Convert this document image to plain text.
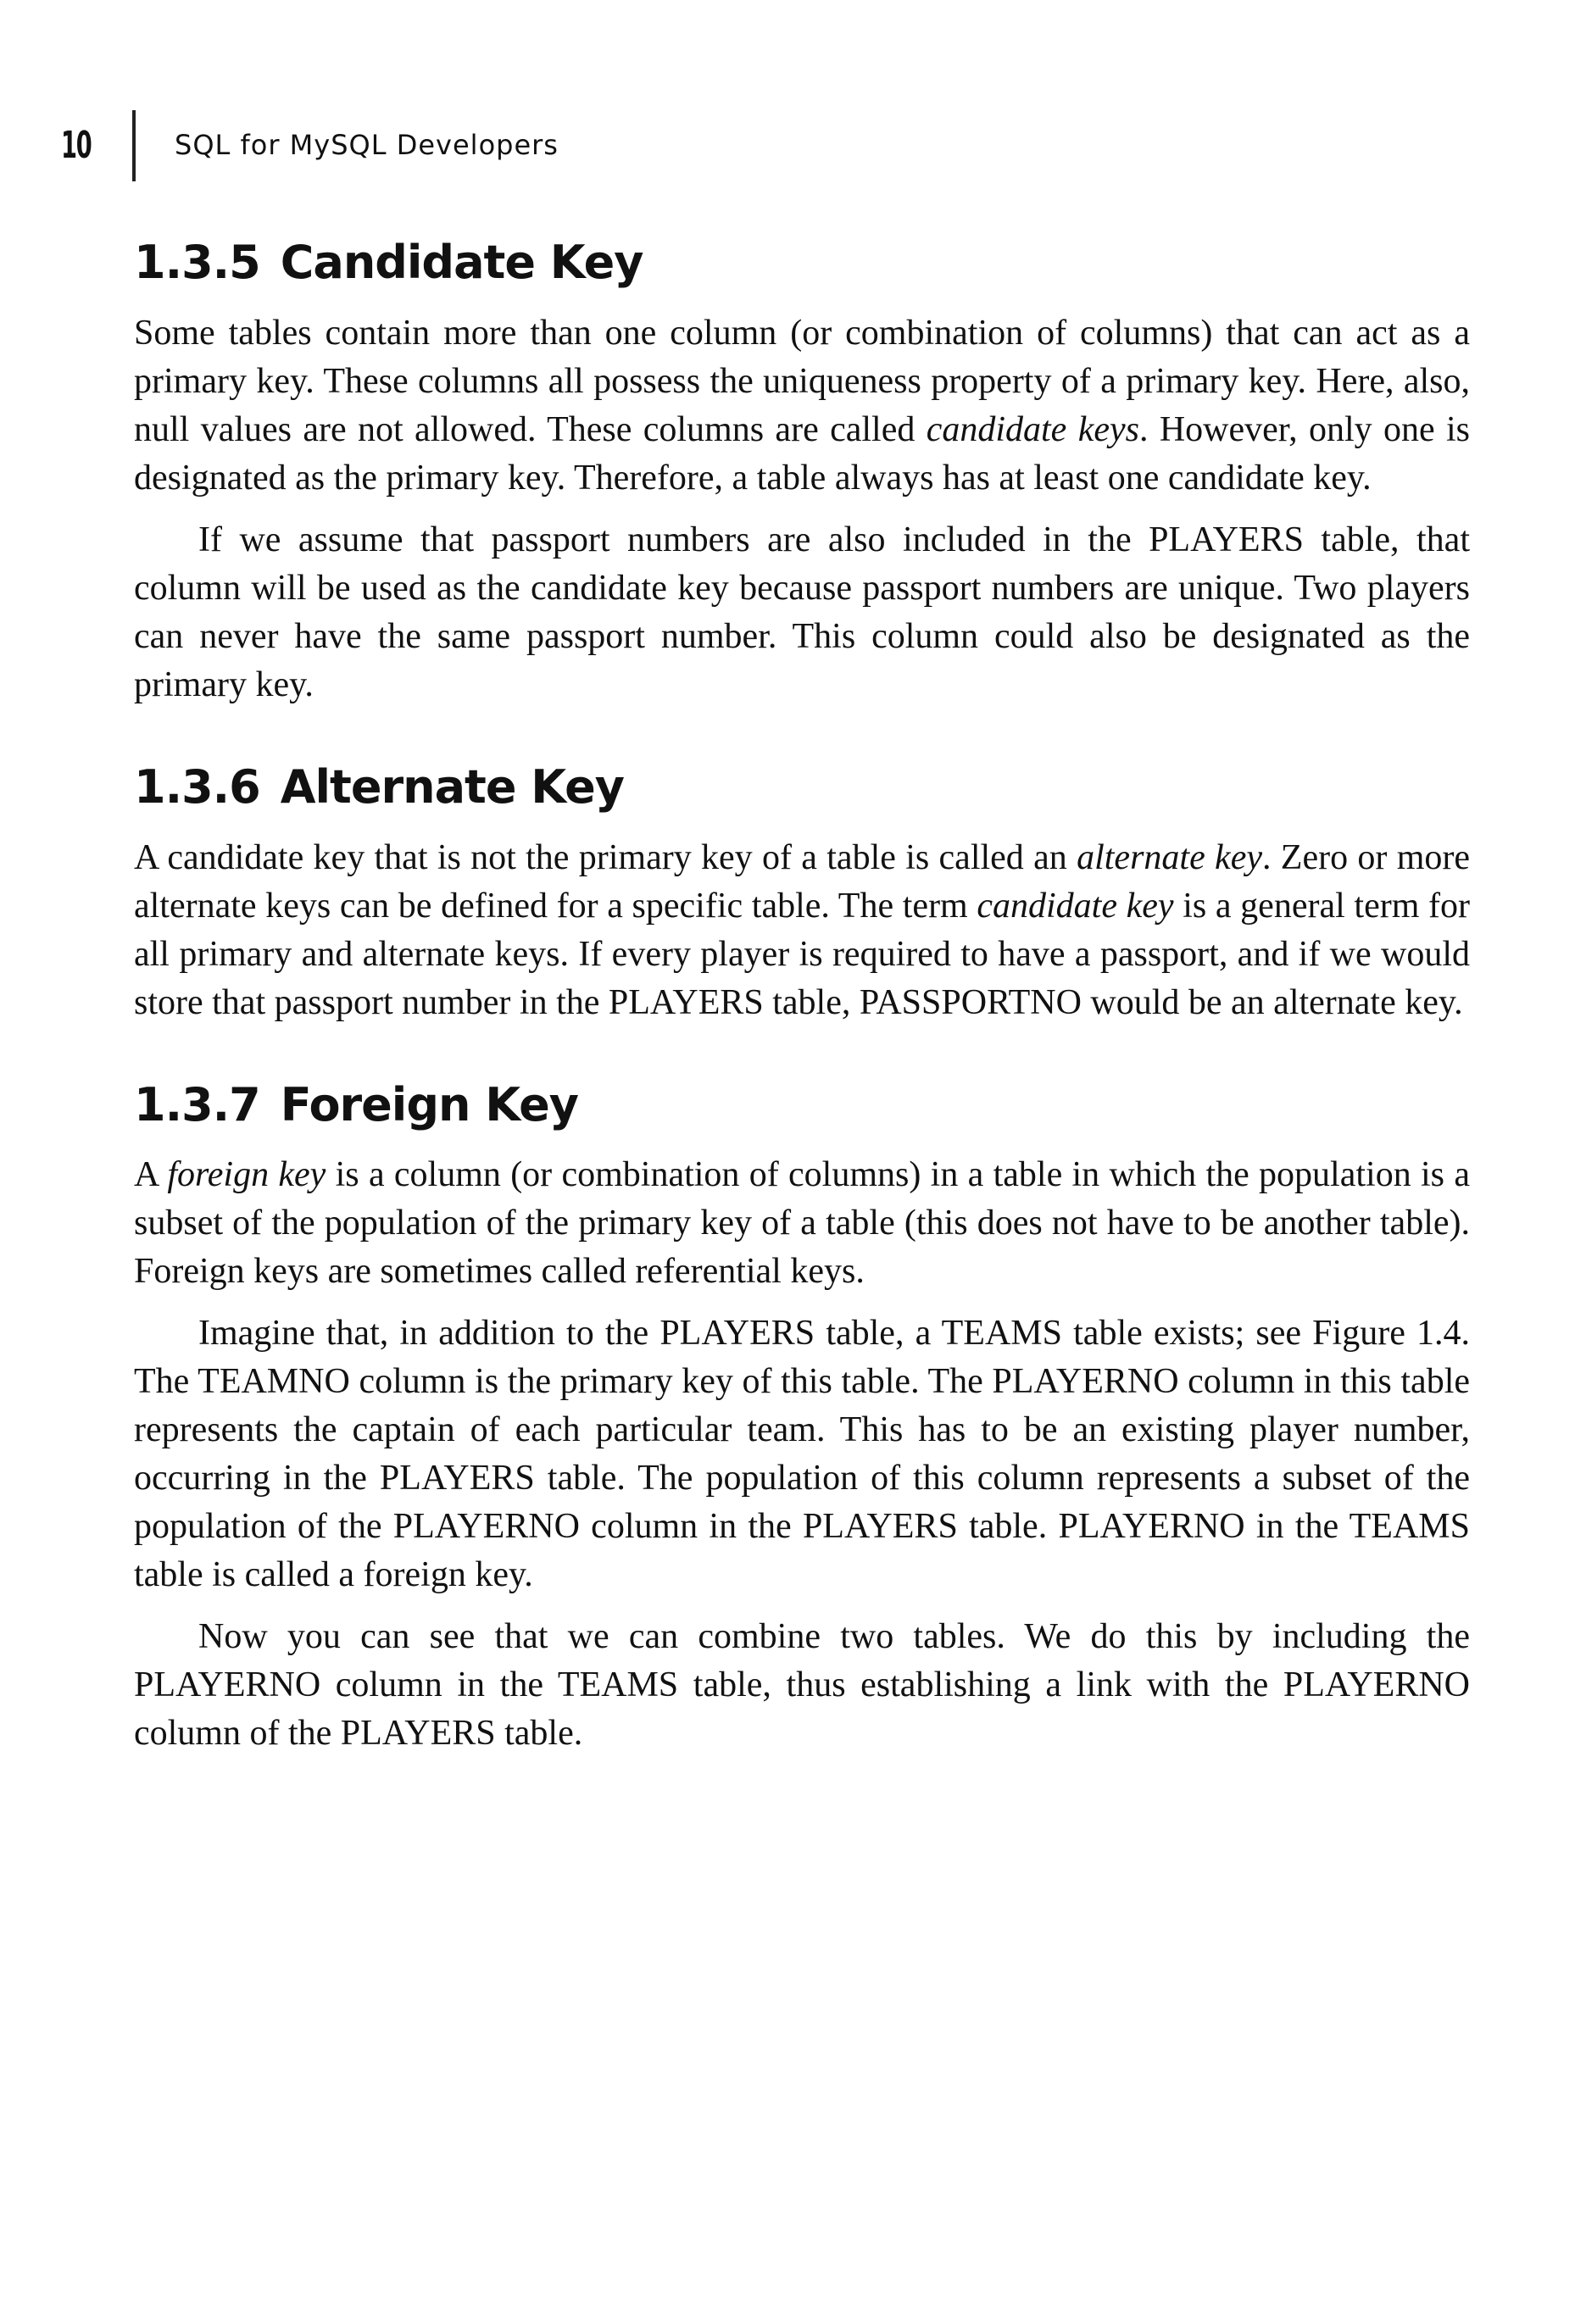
10	SQL for MySQL Developers
1.3.5 Candidate Key

Some tables contain more than one column (or combination of columns) that can act as a primary key. These columns all possess the uniqueness property of a primary key. Here, also, null values are not allowed. These columns are called candidate keys. However, only one is designated as the primary key. Therefore, a table always has at least one candidate key.

If we assume that passport numbers are also included in the PLAYERS table, that column will be used as the candidate key because passport numbers are unique. Two players can never have the same passport number. This column could also be designated as the primary key.

1.3.6 Alternate Key

A candidate key that is not the primary key of a table is called an alternate key. Zero or more alternate keys can be defined for a specific table. The term candidate key is a general term for all primary and alternate keys. If every player is required to have a passport, and if we would store that passport number in the PLAYERS table, PASSPORTNO would be an alternate key.

1.3.7 Foreign Key

A foreign key is a column (or combination of columns) in a table in which the population is a subset of the population of the primary key of a table (this does not have to be another table). Foreign keys are sometimes called referential keys.

Imagine that, in addition to the PLAYERS table, a TEAMS table exists; see Figure 1.4. The TEAMNO column is the primary key of this table. The PLAYERNO column in this table represents the captain of each particular team. This has to be an existing player number, occurring in the PLAYERS table. The population of this column represents a subset of the population of the PLAYERNO column in the PLAYERS table. PLAYERNO in the TEAMS table is called a foreign key.

Now you can see that we can combine two tables. We do this by including the PLAYERNO column in the TEAMS table, thus establishing a link with the PLAYERNO column of the PLAYERS table.
